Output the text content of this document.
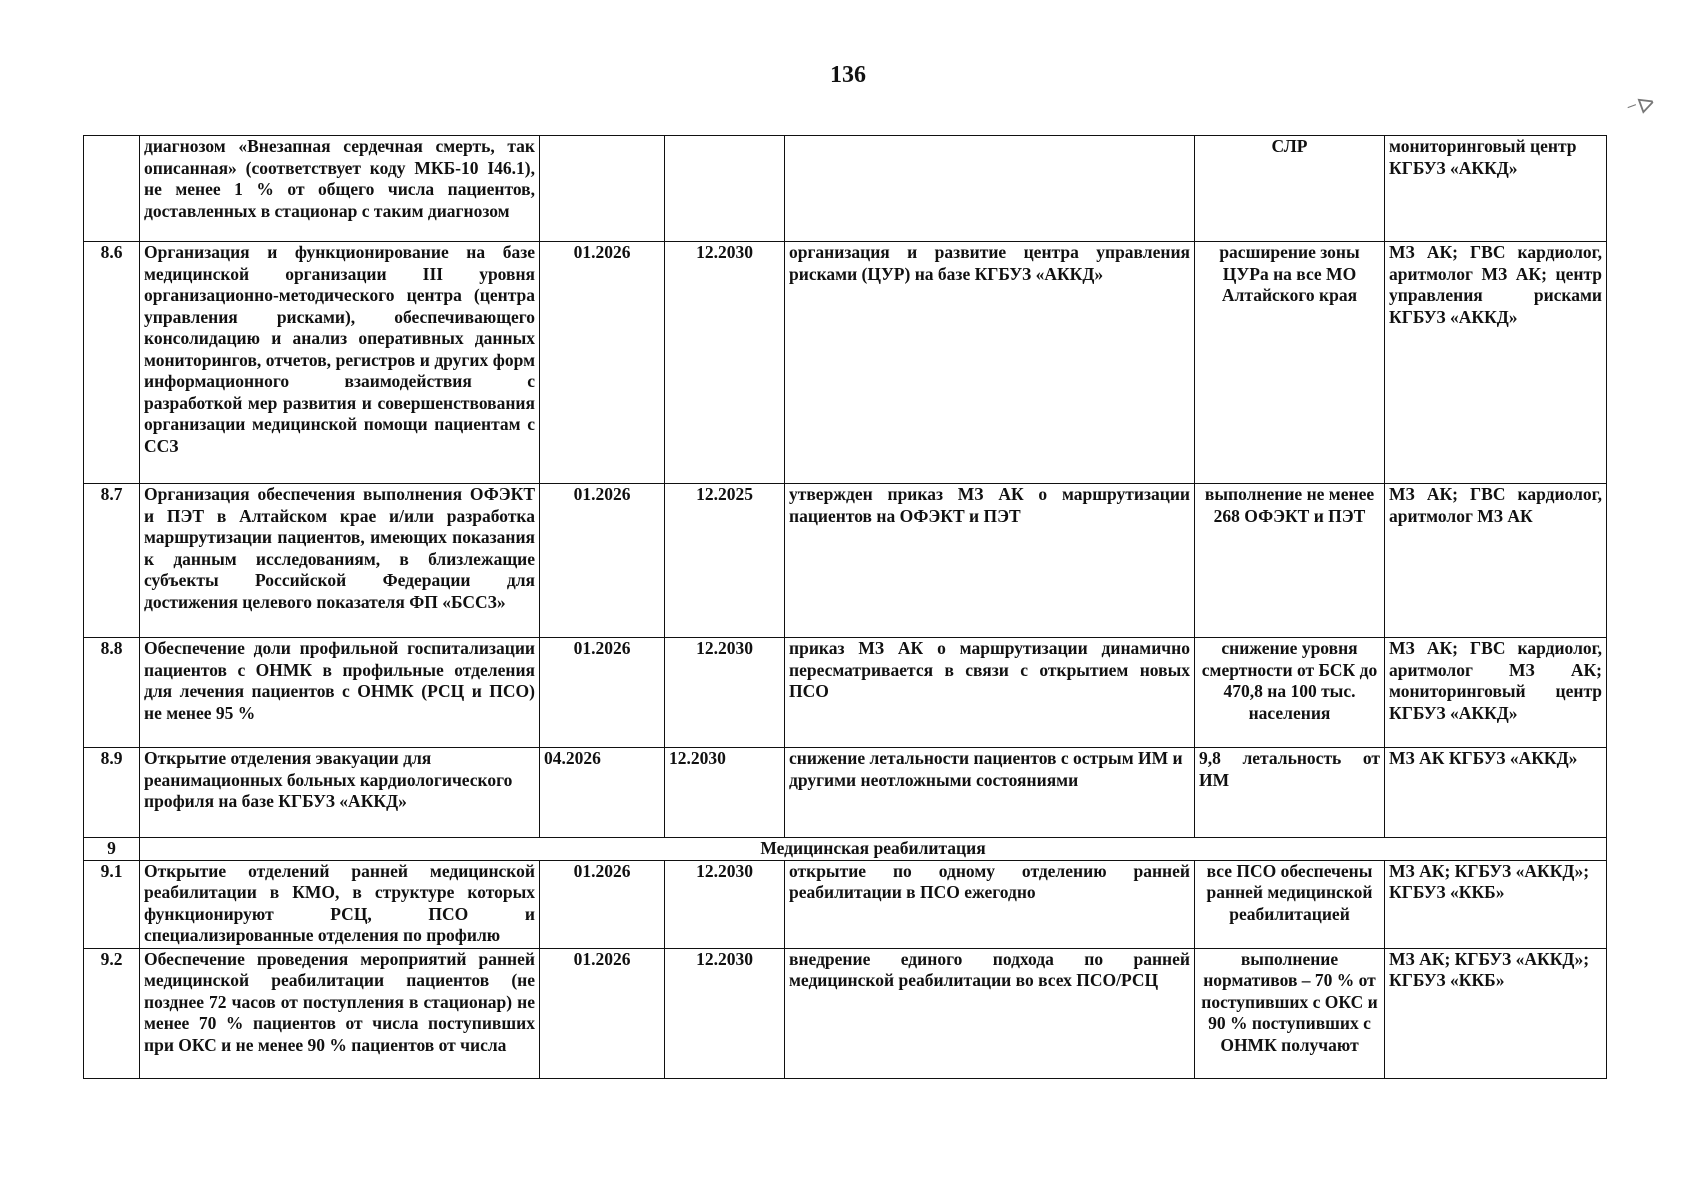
136
⁻ᐅ
	диагнозом «Внезапная сердечная смерть, так описанная» (соответствует коду МКБ-10 I46.1), не менее 1 % от общего числа пациентов, доставленных в стационар с таким диагнозом				СЛР	мониторинговый центр КГБУЗ «АККД»
8.6	Организация и функционирование на базе медицинской организации III уровня организационно-методического центра (центра управления рисками), обеспечивающего консолидацию и анализ оперативных данных мониторингов, отчетов, регистров и других форм информационного взаимодействия с разработкой мер развития и совершенствования организации медицинской помощи пациентам с ССЗ	01.2026	12.2030	организация и развитие центра управления рисками (ЦУР) на базе КГБУЗ «АККД»	расширение зоны ЦУРа на все МО Алтайского края	МЗ АК; ГВС кардиолог, аритмолог МЗ АК; центр управления рисками КГБУЗ «АККД»
8.7	Организация обеспечения выполнения ОФЭКТ и ПЭТ в Алтайском крае и/или разработка маршрутизации пациентов, имеющих показания к данным исследованиям, в близлежащие субъекты Российской Федерации для достижения целевого показателя ФП «БССЗ»	01.2026	12.2025	утвержден приказ МЗ АК о маршрутизации пациентов на ОФЭКТ и ПЭТ	выполнение не менее 268 ОФЭКТ и ПЭТ	МЗ АК; ГВС кардиолог, аритмолог МЗ АК
8.8	Обеспечение доли профильной госпитализации пациентов с ОНМК в профильные отделения для лечения пациентов с ОНМК (РСЦ и ПСО) не менее 95 %	01.2026	12.2030	приказ МЗ АК о маршрутизации динамично пересматривается в связи с открытием новых ПСО	снижение уровня смертности от БСК до 470,8 на 100 тыс. населения	МЗ АК; ГВС кардиолог, аритмолог МЗ АК; мониторинговый центр КГБУЗ «АККД»
8.9	Открытие отделения эвакуации для реанимационных больных кардиологического профиля на базе КГБУЗ «АККД»	04.2026	12.2030	снижение летальности пациентов с острым ИМ и другими неотложными состояниями	9,8 летальность от ИМ	МЗ АК КГБУЗ «АККД»
9	Медицинская реабилитация					
9.1	Открытие отделений ранней медицинской реабилитации в КМО, в структуре которых функционируют РСЦ, ПСО и специализированные отделения по профилю	01.2026	12.2030	открытие по одному отделению ранней реабилитации в ПСО ежегодно	все ПСО обеспечены ранней медицинской реабилитацией	МЗ АК; КГБУЗ «АККД»; КГБУЗ «ККБ»
9.2	Обеспечение проведения мероприятий ранней медицинской реабилитации пациентов (не позднее 72 часов от поступления в стационар) не менее 70 % пациентов от числа поступивших при ОКС и не менее 90 % пациентов от числа	01.2026	12.2030	внедрение единого подхода по ранней медицинской реабилитации во всех ПСО/РСЦ	выполнение нормативов – 70 % от поступивших с ОКС и 90 % поступивших с ОНМК получают	МЗ АК; КГБУЗ «АККД»; КГБУЗ «ККБ»
